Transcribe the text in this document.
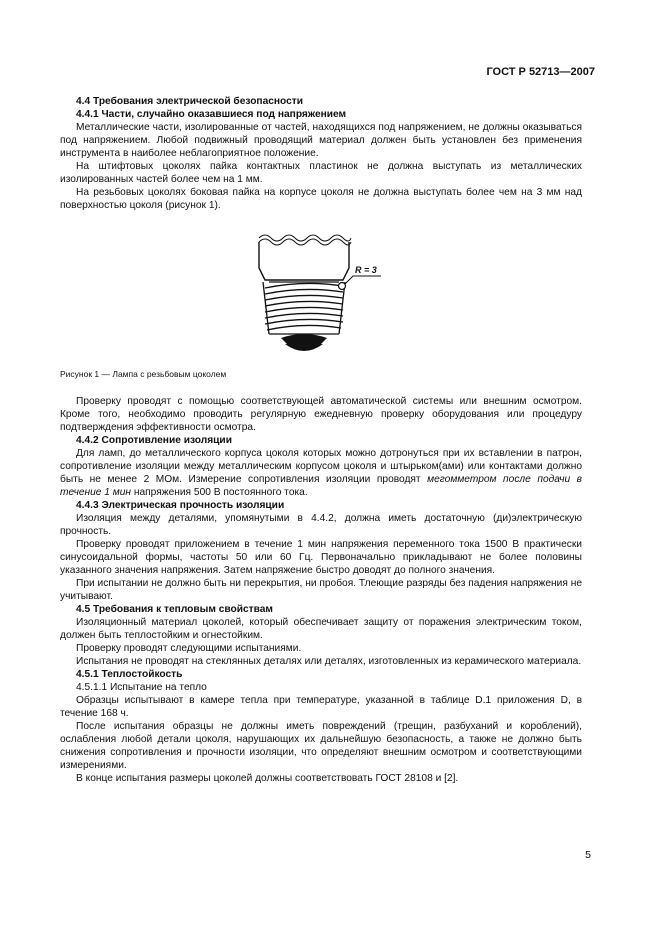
ГОСТ Р 52713—2007

4.4 Требования электрической безопасности

4.4.1 Части, случайно оказавшиеся под напряжением

Металлические части, изолированные от частей, находящихся под напряжением, не должны оказываться под напряжением. Любой подвижный проводящий материал должен быть установлен без применения инструмента в наиболее неблагоприятное положение.

На штифтовых цоколях пайка контактных пластинок не должна выступать из металлических изолированных частей более чем на 1 мм.

На резьбовых цоколях боковая пайка на корпусе цоколя не должна выступать более чем на 3 мм над поверхностью цоколя (рисунок 1).

R = 3

Рисунок 1 — Лампа с резьбовым цоколем

Проверку проводят с помощью соответствующей автоматической системы или внешним осмотром. Кроме того, необходимо проводить регулярную ежедневную проверку оборудования или процедуру подтверждения эффективности осмотра.

4.4.2 Сопротивление изоляции

Для ламп, до металлического корпуса цоколя которых можно дотронуться при их вставлении в патрон, сопротивление изоляции между металлическим корпусом цоколя и штырьком(ами) или контактами должно быть не менее 2 МОм. Измерение сопротивления изоляции проводят мегомметром после подачи в течение 1 мин напряжения 500 В постоянного тока.

4.4.3 Электрическая прочность изоляции

Изоляция между деталями, упомянутыми в 4.4.2, должна иметь достаточную (ди)электрическую прочность.

Проверку проводят приложением в течение 1 мин напряжения переменного тока 1500 В практически синусоидальной формы, частоты 50 или 60 Гц. Первоначально прикладывают не более половины указанного значения напряжения. Затем напряжение быстро доводят до полного значения.

При испытании не должно быть ни перекрытия, ни пробоя. Тлеющие разряды без падения напряжения не учитывают.

4.5 Требования к тепловым свойствам

Изоляционный материал цоколей, который обеспечивает защиту от поражения электрическим током, должен быть теплостойким и огнестойким.

Проверку проводят следующими испытаниями.

Испытания не проводят на стеклянных деталях или деталях, изготовленных из керамического материала.

4.5.1 Теплостойкость

4.5.1.1 Испытание на тепло

Образцы испытывают в камере тепла при температуре, указанной в таблице D.1 приложения D, в течение 168 ч.

После испытания образцы не должны иметь повреждений (трещин, разбуханий и короблений), ослабления любой детали цоколя, нарушающих их дальнейшую безопасность, а также не должно быть снижения сопротивления и прочности изоляции, что определяют внешним осмотром и соответствующими измерениями.

В конце испытания размеры цоколей должны соответствовать ГОСТ 28108 и [2].

5
